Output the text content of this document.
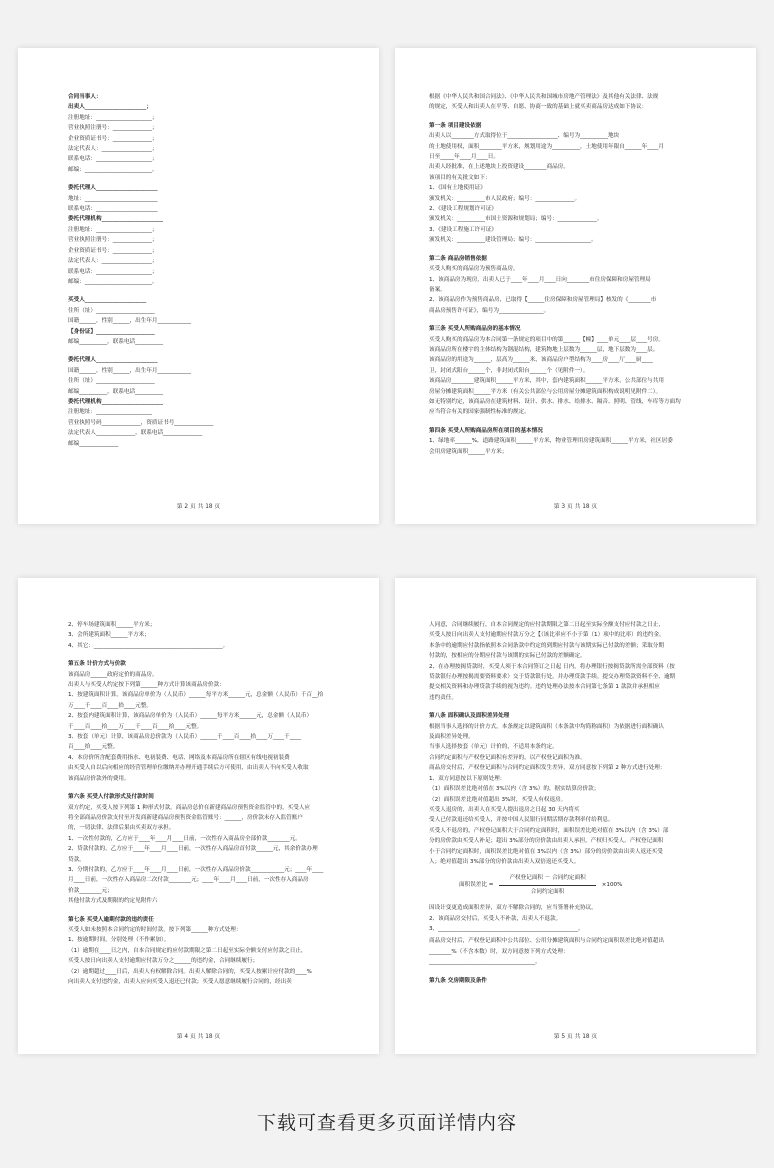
合同当事人：
出卖人______________________；
注册地址：____________________；
营业执照注册号：______________；
企业资质证书号：______________；
法定代表人：__________________；
联系电话：____________________；
邮编：________________________。
委托代理人______________________
地址：__________________________
联系电话：______________________
委托代理机构______________________
注册地址：____________________；
营业执照注册号：______________；
企业资质证书号：______________；
法定代表人：__________________；
联系电话：____________________；
邮编：________________________。
买受人______________________
住所（址）_____________________
国籍______，性别______，出生年月____________
【身份证】_____________________
邮编__________，联系电话__________
委托代理人______________________
国籍______，性别______，出生年月____________
住所（址）_____________________
邮编__________，联系电话__________
委托代理机构______________________
注册地址：____________________
营业执照号码______________，资质证书号______________
法定代表人______________，联系电话______________
邮编______________
第 2 页 共 18 页
根据《中华人民共和国合同法》、《中华人民共和国城市房地产管理法》及其他有关法律、法规
的规定，买受人和出卖人在平等、自愿、协商一致的基础上就买卖商品房达成如下协议：
第一条 项目建设依据
出卖人以________方式取得位于__________________、编号为__________地块
的土地使用权，面积________平方米，规划用途为__________，土地使用年限自______年____月
日至_____年____月____日。
出卖人经批准，在上述地块上投资建设________商品房。
该项目的有关批文如下：
1、《国有土地使用证》
颁发机关：__________市人民政府；编号：______________。
2、《建设工程规划许可证》
颁发机关：__________市国土资源和规划局；编号：______________。
3、《建设工程施工许可证》
颁发机关：__________建设管理局；编号：____________________。
第二条 商品房销售依据
买受人购买的商品房为预售商品房。
1、该商品房为现房，出卖人已于____年____月____日向________市住房保障和房屋管理局
备案。
2、该商品房作为预售商品房，已取得【______住房保障和房屋管理局】核发的《________市
商品房预售许可证》，编号为________________。
第三条 买受人所购商品房的基本情况
买受人购买的商品房为本合同第一条规定的项目中的第______【幢】____单元____层____号房。
该商品房所在楼宇的主体结构为钢混结构，建筑物地上层数为______层，地下层数为____层。
该商品房的用途为______，层高为______米，该商品房户型结构为____房____厅____厨____
卫，封闭式阳台______个，非封闭式阳台______个（见附件一）。
该商品房________建筑面积______平方米，其中，套内建筑面积______平方米，公共部位与共用
房屋分摊建筑面积______平方米（有关公共部位与公用房屋分摊建筑面积构成说明见附件二）。
如无特别约定，该商品房在建筑材料、设计、供水、排水、给排水、隔音、照明、管线、车库等方面均
应当符合有关的国家强制性标准的规定。
第四条 买受人所购商品房所在项目的基本情况
1、绿地率______%，道路建筑面积______平方米，物业管理用房建筑面积______平方米，社区居委
会用房建筑面积______平方米；
第 3 页 共 18 页
2、停车场建筑面积______平方米；
3、会所建筑面积______平方米；
4、其它：______________________________________________。
第五条 计价方式与价款
该商品房______政府定价的商品房。
出卖人与买受人约定按下列第______种方式计算该商品房价款：
1、按建筑面积计算，该商品房单价为（人民币）______每平方米______元，总金额（人民币）千百__拾
万____千____百____拾____元整。
2、按套内建筑面积计算，该商品房单价为（人民币）______每平方米______元，总金额（人民币）
千____百____拾____万____千____百____拾____元整。
3、按套（单元）计算，该商品房总价款为（人民币）______千____百____拾____万____千____
百____拾____元整。
4、本房价所含配套费用指水、电初装费、电话、网络及本商品房所在辖区有线电视初装费
由买受人自以后向相应的经营管理单位缴纳并办理开通手续后方可使用，由出卖人不向买受人收取
该商品房价款外的费用。
第六条 买受人付款形式及付款时间
双方约定，买受人按下列第 1 种形式付款。商品房总价在新建商品房预售资金监管中的，买受人应
将全部商品房价款支付至开发商新建商品房预售资金监管账号：______，房价款未存入监管账户
的，一切法律、法律后果由买卖双方承担。
1、一次性付款的，乙方应于____年____月____日前，一次性存入商品房全部价款________元。
2、贷款付款的，乙方应于____年____月____日前，一次性存入商品房首付款______元，其余价款办理
贷款。
3、分期付款的，乙方应于____年____月____日前，一次性存入商品房价款____________元；____年____
月____日前，一次性存入商品房二次付款________元；____年____月____日前，一次性存入商品房
价款________元；
其他付款方式及期限的约定见附件六
第七条 买受人逾期付款的违约责任
买受人如未按照本合同约定的时间付款，按下列第______种方式处理：
1、按逾期时间，分别处理（不作累加）。
（1）逾期在____日之内，自本合同规定的应付款期限之第二日起至实际全额支付应付款之日止，
买受人按日向出卖人支付逾期应付款万分之______的违约金，合同继续履行；
（2）逾期超过____日后，出卖人有权解除合同。出卖人解除合同的，买受人按累计应付款的____%
向出卖人支付违约金，出卖人应向买受人退还已付款；买受人愿意继续履行合同的，经出卖
第 4 页 共 18 页
人同意，合同继续履行，自本合同规定的应付款期限之第二日起至实际全额支付应付款之日止，
买受人按日向出卖人支付逾期应付款万分之【（该比率应不小于第（1）项中的比率）的违约金。
本条中的逾期应付款指依照本合同条款中约定的到期应付款与该期实际已付款的差额；采取分期
付款的，按相应的分期应付款与该期的实际已付款的差额确定。
2、在办理按揭贷款时，买受人须于本合同签订之日起 日内，将办理银行按揭贷款所需全部资料（按
贷款银行办理按揭需要资料要求）交于贷款银行处，并办理贷款手续。提交办理贷款资料不全、逾期
提交相关资料和办理贷款手续的视为违约。违约处理办法按本合同第七条第 1 款款并承担相应
违约责任。
第八条 面积确认及面积差异处理
根据当事人选择的计价方式，本条规定以建筑面积（本条款中均简称面积）为依据进行面积确认
及面积差异处理。
当事人选择按套（单元）计价的，不适用本条约定。
合同约定面积与产权登记面积有差异的，以产权登记面积为准。
商品房交付后，产权登记面积与合同约定面积发生差异，双方同意按下列第 2 种方式进行处理：
1、双方同意按以下原则处理：
（1）面积误差比绝对值在 3%以内（含 3%）的，据实结算房价款；
（2）面积误差比绝对值超出 3%时，买受人有权退房。
买受人退房的，出卖人在买受人提出退房之日起 30 天内将买
受人已付款退还给买受人，并按中国人民银行同期活期存款利率付给利息。
买受人不退房的，产权登记面积大于合同约定面积时，面积误差比绝对值在 3%以内（含 3%）部
分的房价款由买受人补足；超出 3%部分的房价款由出卖人承担，产权归买受人。产权登记面积
小于合同约定面积时，面积误差比绝对值在 3%以内（含 3%）部分的房价款由出卖人返还买受
人；绝对值超出 3%部分的房价款由出卖人双倍返还买受人。
面积误差比 = $\frac{\text{产权登记面积 － 合同约定面积}}{\text{合同约定面积}} \times 100\%$
因设计变更造成面积差异，双方不解除合同的，应当签署补充协议。
2、该商品房交付后，买受人不补款，出卖人不退款。
3、__________________________________________________。
商品房交付后，产权登记面积中公共部位、公用分摊建筑面积与合同约定面积误差比绝对值超出
________%（不含本数）时，双方同意按下列方式处理：
______________________________________。
第九条 交房期限及条件
第 5 页 共 18 页
下载可查看更多页面详情内容
